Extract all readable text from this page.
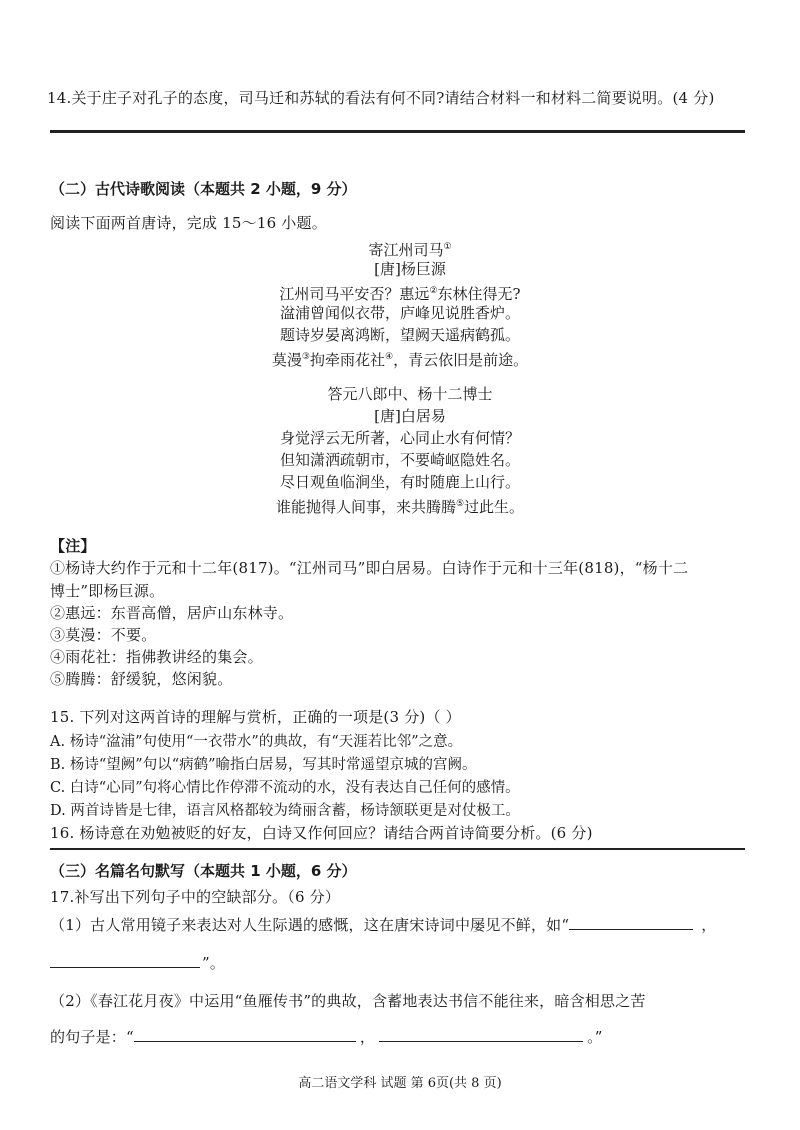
14.关于庄子对孔子的态度，司马迁和苏轼的看法有何不同?请结合材料一和材料二简要说明。(4 分)
（二）古代诗歌阅读（本题共 2 小题，9 分）
阅读下面两首唐诗，完成 15～16 小题。
寄江州司马①
[唐]杨巨源
江州司马平安否？惠远②东林住得无?
湓浦曾闻似衣带，庐峰见说胜香炉。
题诗岁晏离鸿断，望阙天遥病鹤孤。
莫漫③拘牵雨花社④，青云依旧是前途。
答元八郎中、杨十二博士
[唐]白居易
身觉浮云无所著，心同止水有何情？
但知潇洒疏朝市，不要崎岖隐姓名。
尽日观鱼临涧坐，有时随鹿上山行。
谁能抛得人间事，来共腾腾⑤过此生。
【注】
①杨诗大约作于元和十二年(817)。“江州司马”即白居易。白诗作于元和十三年(818)，“杨十二
博士”即杨巨源。
②惠远：东晋高僧，居庐山东林寺。
③莫漫：不要。
④雨花社：指佛教讲经的集会。
⑤腾腾：舒缓貌，悠闲貌。
15. 下列对这两首诗的理解与赏析，正确的一项是(3 分)（ ）
A. 杨诗“湓浦”句使用“一衣带水”的典故，有“天涯若比邻”之意。
B. 杨诗“望阙”句以“病鹤”喻指白居易，写其时常遥望京城的宫阙。
C. 白诗“心同”句将心情比作停滞不流动的水，没有表达自己任何的感情。
D. 两首诗皆是七律，语言风格都较为绮丽含蓄，杨诗颔联更是对仗极工。
16. 杨诗意在劝勉被贬的好友，白诗又作何回应？请结合两首诗简要分析。(6 分)
（三）名篇名句默写（本题共 1 小题，6 分）
17.补写出下列句子中的空缺部分。（6 分）
（1）古人常用镜子来表达对人生际遇的感慨，这在唐宋诗词中屡见不鲜，如“	，
”。
（2）《春江花月夜》中运用“鱼雁传书”的典故，含蓄地表达书信不能往来，暗含相思之苦
的句子是：“	，	。”
高二语文学科 试题 第 6页(共 8 页)
